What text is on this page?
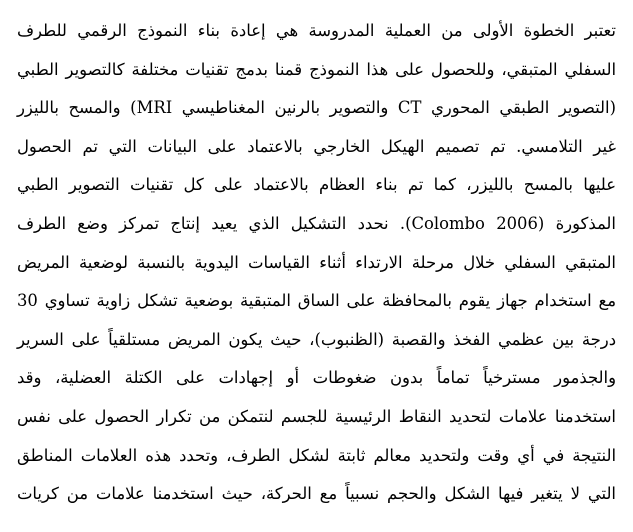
تعتبر الخطوة الأولى من العملية المدروسة هي إعادة بناء النموذج الرقمي للطرف
السفلي المتبقي، وللحصول على هذا النموذج قمنا بدمج تقنيات مختلفة كالتصوير الطبي
(التصوير الطبقي المحوري CT والتصوير بالرنين المغناطيسي MRI) والمسح بالليزر
غير التلامسي. تم تصميم الهيكل الخارجي بالاعتماد على البيانات التي تم الحصول
عليها بالمسح بالليزر، كما تم بناء العظام بالاعتماد على كل تقنيات التصوير الطبي
المذكورة (Colombo 2006). نحدد التشكيل الذي يعيد إنتاج تمركز وضع الطرف
المتبقي السفلي خلال مرحلة الارتداء أثناء القياسات اليدوية بالنسبة لوضعية المريض
مع استخدام جهاز يقوم بالمحافظة على الساق المتبقية بوضعية تشكل زاوية تساوي 30
درجة بين عظمي الفخذ والقصبة (الظنبوب)، حيث يكون المريض مستلقياً على السرير
والجذمور مسترخياً تماماً بدون ضغوطات أو إجهادات على الكتلة العضلية، وقد
استخدمنا علامات لتحديد النقاط الرئيسية للجسم لنتمكن من تكرار الحصول على نفس
النتيجة في أي وقت ولتحديد معالم ثابتة لشكل الطرف، وتحدد هذه العلامات المناطق
التي لا يتغير فيها الشكل والحجم نسبياً مع الحركة، حيث استخدمنا علامات من كريات
